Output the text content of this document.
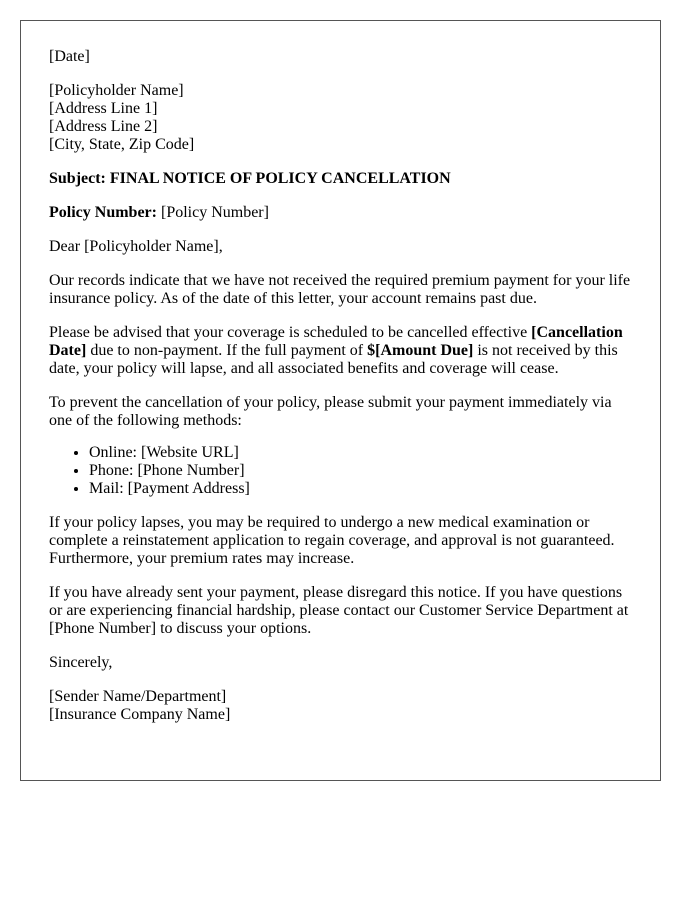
[Date]
[Policyholder Name]
[Address Line 1]
[Address Line 2]
[City, State, Zip Code]
Subject: FINAL NOTICE OF POLICY CANCELLATION
Policy Number: [Policy Number]
Dear [Policyholder Name],
Our records indicate that we have not received the required premium payment for your life insurance policy. As of the date of this letter, your account remains past due.
Please be advised that your coverage is scheduled to be cancelled effective [Cancellation Date] due to non-payment. If the full payment of $[Amount Due] is not received by this date, your policy will lapse, and all associated benefits and coverage will cease.
To prevent the cancellation of your policy, please submit your payment immediately via one of the following methods:
• Online: [Website URL]
• Phone: [Phone Number]
• Mail: [Payment Address]
If your policy lapses, you may be required to undergo a new medical examination or complete a reinstatement application to regain coverage, and approval is not guaranteed. Furthermore, your premium rates may increase.
If you have already sent your payment, please disregard this notice. If you have questions or are experiencing financial hardship, please contact our Customer Service Department at [Phone Number] to discuss your options.
Sincerely,
[Sender Name/Department]
[Insurance Company Name]
